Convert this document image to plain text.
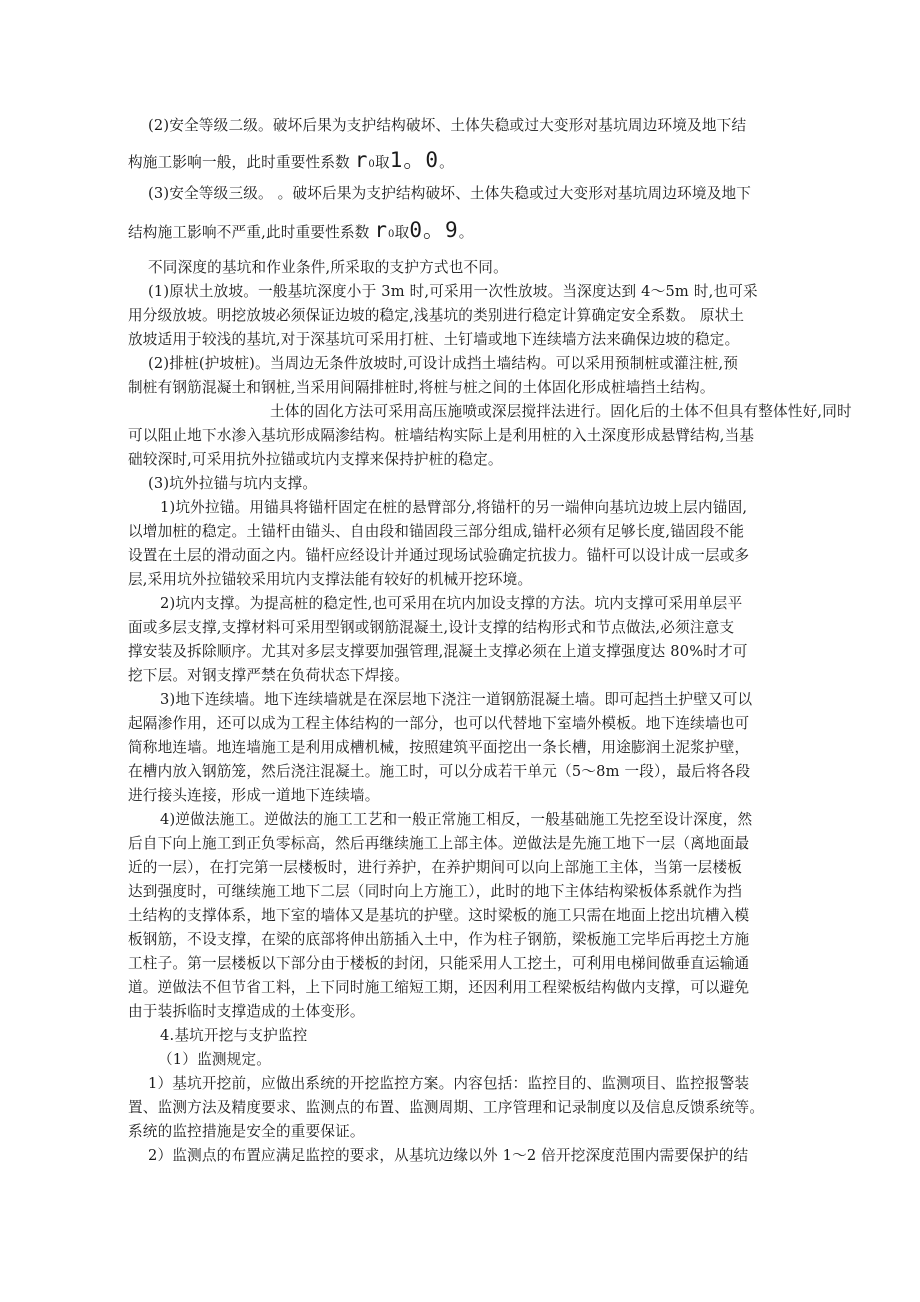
(2)安全等级二级。破坏后果为支护结构破坏、土体失稳或过大变形对基坑周边环境及地下结
构施工影响一般，此时重要性系数 r0取1。0。
(3)安全等级三级。 。破坏后果为支护结构破坏、土体失稳或过大变形对基坑周边环境及地下
结构施工影响不严重,此时重要性系数 r0取0。9。
不同深度的基坑和作业条件,所采取的支护方式也不同。
(1)原状土放坡。一般基坑深度小于 3m 时,可采用一次性放坡。当深度达到 4～5m 时,也可采
用分级放坡。明挖放坡必须保证边坡的稳定,浅基坑的类别进行稳定计算确定安全系数。 原状土
放坡适用于较浅的基坑,对于深基坑可采用打桩、土钉墙或地下连续墙方法来确保边坡的稳定。
(2)排桩(护坡桩)。当周边无条件放坡时,可设计成挡土墙结构。可以采用预制桩或灌注桩,预
制桩有钢筋混凝土和钢桩,当采用间隔排桩时,将桩与桩之间的土体固化形成桩墙挡土结构。
土体的固化方法可采用高压施喷或深层搅拌法进行。固化后的土体不但具有整体性好,同时
可以阻止地下水渗入基坑形成隔渗结构。桩墙结构实际上是利用桩的入土深度形成悬臂结构,当基
础较深时,可采用抗外拉锚或坑内支撑来保持护桩的稳定。
(3)坑外拉锚与坑内支撑。
1)坑外拉锚。用锚具将锚杆固定在桩的悬臂部分,将锚杆的另一端伸向基坑边坡上层内锚固,
以增加桩的稳定。土锚杆由锚头、自由段和锚固段三部分组成,锚杆必须有足够长度,锚固段不能
设置在土层的滑动面之内。锚杆应经设计并通过现场试验确定抗拔力。锚杆可以设计成一层或多
层,采用坑外拉锚较采用坑内支撑法能有较好的机械开挖环境。
2)坑内支撑。为提高桩的稳定性,也可采用在坑内加设支撑的方法。坑内支撑可采用单层平
面或多层支撑,支撑材料可采用型钢或钢筋混凝土,设计支撑的结构形式和节点做法,必须注意支
撑安装及拆除顺序。尤其对多层支撑要加强管理,混凝土支撑必须在上道支撑强度达 80%时才可
挖下层。对钢支撑严禁在负荷状态下焊接。
3)地下连续墙。地下连续墙就是在深层地下浇注一道钢筋混凝土墙。即可起挡土护壁又可以
起隔渗作用，还可以成为工程主体结构的一部分，也可以代替地下室墙外模板。地下连续墙也可
简称地连墙。地连墙施工是利用成槽机械，按照建筑平面挖出一条长槽，用途膨润土泥浆护壁，
在槽内放入钢筋笼，然后浇注混凝土。施工时，可以分成若干单元（5～8m 一段），最后将各段
进行接头连接，形成一道地下连续墙。
4)逆做法施工。逆做法的施工工艺和一般正常施工相反，一般基础施工先挖至设计深度，然
后自下向上施工到正负零标高，然后再继续施工上部主体。逆做法是先施工地下一层（离地面最
近的一层），在打完第一层楼板时，进行养护，在养护期间可以向上部施工主体，当第一层楼板
达到强度时，可继续施工地下二层（同时向上方施工），此时的地下主体结构梁板体系就作为挡
土结构的支撑体系，地下室的墙体又是基坑的护壁。这时梁板的施工只需在地面上挖出坑槽入模
板钢筋，不设支撑，在梁的底部将伸出筋插入土中，作为柱子钢筋，梁板施工完毕后再挖土方施
工柱子。第一层楼板以下部分由于楼板的封闭，只能采用人工挖土，可利用电梯间做垂直运输通
道。逆做法不但节省工料，上下同时施工缩短工期，还因利用工程梁板结构做内支撑，可以避免
由于装拆临时支撑造成的土体变形。
4.基坑开挖与支护监控
（1）监测规定。
1）基坑开挖前，应做出系统的开挖监控方案。内容包括：监控目的、监测项目、监控报警装
置、监测方法及精度要求、监测点的布置、监测周期、工序管理和记录制度以及信息反馈系统等。
系统的监控措施是安全的重要保证。
2）监测点的布置应满足监控的要求，从基坑边缘以外 1～2 倍开挖深度范围内需要保护的结
